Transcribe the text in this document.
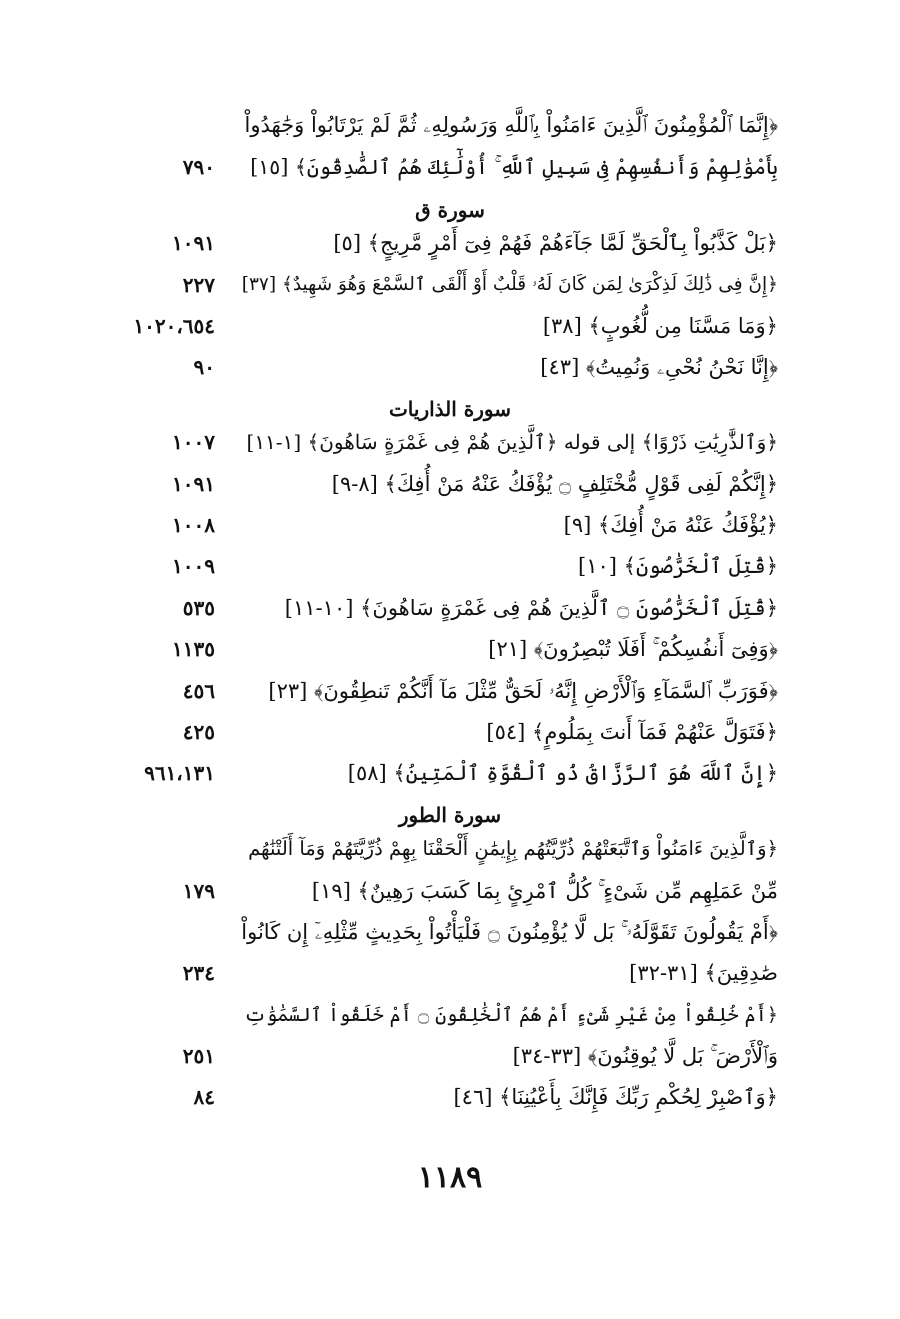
﴿إِنَّمَا ٱلْمُؤْمِنُونَ ٱلَّذِينَ ءَامَنُواْ بِٱللَّهِ وَرَسُولِهِۦ ثُمَّ لَمْ يَرْتَابُواْ وَجَٰهَدُواْ
بِأَمْوَٰلِهِمْ وَأَنفُسِهِمْ فِى سَبِيلِ ٱللَّهِ ۚ أُوْلَٰٓئِكَ هُمُ ٱلصَّٰدِقُونَ﴾ [١٥]
٧٩٠
سورة ق
﴿بَلْ كَذَّبُواْ بِٱلْحَقِّ لَمَّا جَآءَهُمْ فَهُمْ فِىٓ أَمْرٍ مَّرِيجٍ﴾ [٥]
١٠٩١
﴿إِنَّ فِى ذَٰلِكَ لَذِكْرَىٰ لِمَن كَانَ لَهُۥ قَلْبٌ أَوْ أَلْقَى ٱلسَّمْعَ وَهُوَ شَهِيدٌ﴾ [٣٧]
٢٢٧
﴿وَمَا مَسَّنَا مِن لُّغُوبٍ﴾ [٣٨]
١٠٢٠،٦٥٤
﴿إِنَّا نَحْنُ نُحْىِۦ وَنُمِيتُ﴾ [٤٣]
٩٠
سورة الذاريات
﴿وَٱلذَّٰرِيَٰتِ ذَرْوًا﴾ إلى قوله ﴿ٱلَّذِينَ هُمْ فِى غَمْرَةٍ سَاهُونَ﴾ [١-١١]
١٠٠٧
﴿إِنَّكُمْ لَفِى قَوْلٍ مُّخْتَلِفٍ ۝ يُؤْفَكُ عَنْهُ مَنْ أُفِكَ﴾ [٨-٩]
١٠٩١
﴿يُؤْفَكُ عَنْهُ مَنْ أُفِكَ﴾ [٩]
١٠٠٨
﴿قُتِلَ ٱلْخَرَّٰصُونَ﴾ [١٠]
١٠٠٩
﴿قُتِلَ ٱلْخَرَّٰصُونَ ۝ ٱلَّذِينَ هُمْ فِى غَمْرَةٍ سَاهُونَ﴾ [١٠-١١]
٥٣٥
﴿وَفِىٓ أَنفُسِكُمْ ۚ أَفَلَا تُبْصِرُونَ﴾ [٢١]
١١٣٥
﴿فَوَرَبِّ ٱلسَّمَآءِ وَٱلْأَرْضِ إِنَّهُۥ لَحَقٌّ مِّثْلَ مَآ أَنَّكُمْ تَنطِقُونَ﴾ [٢٣]
٤٥٦
﴿فَتَوَلَّ عَنْهُمْ فَمَآ أَنتَ بِمَلُومٍ﴾ [٥٤]
٤٢٥
﴿إِنَّ ٱللَّهَ هُوَ ٱلرَّزَّاقُ ذُو ٱلْقُوَّةِ ٱلْمَتِينُ﴾ [٥٨]
٩٦١،١٣١
سورة الطور
﴿وَٱلَّذِينَ ءَامَنُواْ وَٱتَّبَعَتْهُمْ ذُرِّيَّتُهُم بِإِيمَٰنٍ أَلْحَقْنَا بِهِمْ ذُرِّيَّتَهُمْ وَمَآ أَلَتْنَٰهُم
مِّنْ عَمَلِهِم مِّن شَىْءٍ ۚ كُلُّ ٱمْرِئٍ بِمَا كَسَبَ رَهِينٌ﴾ [١٩]
١٧٩
﴿أَمْ يَقُولُونَ تَقَوَّلَهُۥ ۚ بَل لَّا يُؤْمِنُونَ ۝ فَلْيَأْتُواْ بِحَدِيثٍ مِّثْلِهِۦٓ إِن كَانُواْ
صَٰدِقِينَ﴾ [٣١-٣٢]
٢٣٤
﴿أَمْ خُلِقُواْ مِنْ غَيْرِ شَىْءٍ أَمْ هُمُ ٱلْخَٰلِقُونَ ۝ أَمْ خَلَقُواْ ٱلسَّمَٰوَٰتِ
وَٱلْأَرْضَ ۚ بَل لَّا يُوقِنُونَ﴾ [٣٣-٣٤]
٢٥١
﴿وَٱصْبِرْ لِحُكْمِ رَبِّكَ فَإِنَّكَ بِأَعْيُنِنَا﴾ [٤٦]
٨٤
١١٨٩
